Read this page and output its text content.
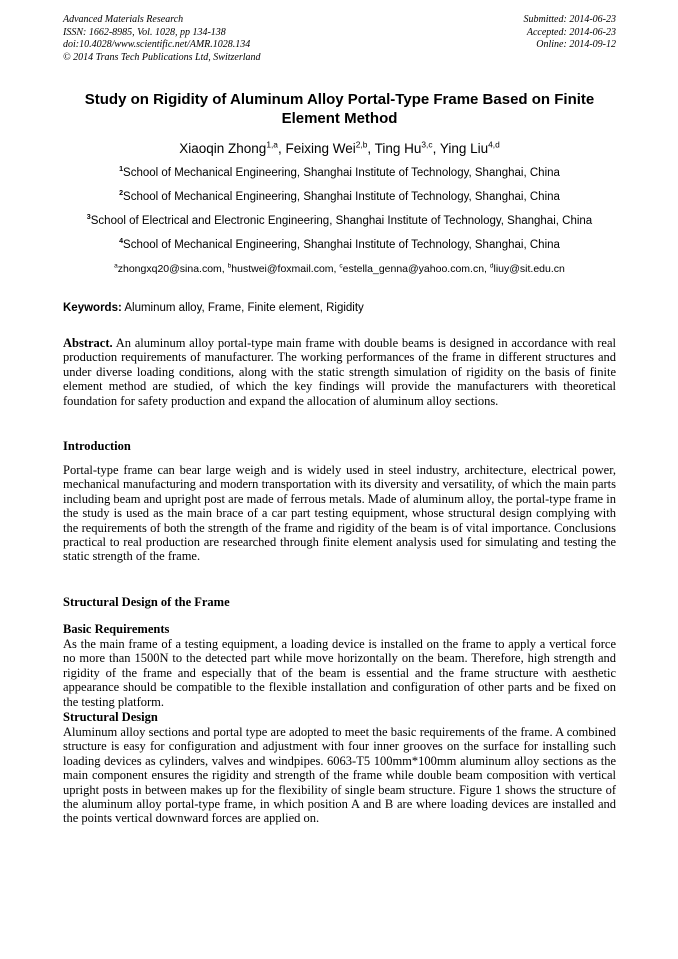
Advanced Materials Research
ISSN: 1662-8985, Vol. 1028, pp 134-138
doi:10.4028/www.scientific.net/AMR.1028.134
© 2014 Trans Tech Publications Ltd, Switzerland
Submitted: 2014-06-23
Accepted: 2014-06-23
Online: 2014-09-12
Study on Rigidity of Aluminum Alloy Portal-Type Frame Based on Finite Element Method
Xiaoqin Zhong$^{1,a}$, Feixing Wei$^{2,b}$, Ting Hu$^{3,c}$, Ying Liu$^{4,d}$
$^1$School of Mechanical Engineering, Shanghai Institute of Technology, Shanghai, China
$^2$School of Mechanical Engineering, Shanghai Institute of Technology, Shanghai, China
$^3$School of Electrical and Electronic Engineering, Shanghai Institute of Technology, Shanghai, China
$^4$School of Mechanical Engineering, Shanghai Institute of Technology, Shanghai, China
$^a$zhongxq20@sina.com, $^b$hustwei@foxmail.com, $^c$estella_genna@yahoo.com.cn, $^d$liuy@sit.edu.cn
Keywords: Aluminum alloy, Frame, Finite element, Rigidity

Abstract. An aluminum alloy portal-type main frame with double beams is designed in accordance with real production requirements of manufacturer. The working performances of the frame in different structures and under diverse loading conditions, along with the static strength simulation of rigidity on the basis of finite element method are studied, of which the key findings will provide the manufacturers with theoretical foundation for safety production and expand the allocation of aluminum alloy sections.

Introduction

Portal-type frame can bear large weigh and is widely used in steel industry, architecture, electrical power, mechanical manufacturing and modern transportation with its diversity and versatility, of which the main parts including beam and upright post are made of ferrous metals. Made of aluminum alloy, the portal-type frame in the study is used as the main brace of a car part testing equipment, whose structural design complying with the requirements of both the strength of the frame and rigidity of the beam is of vital importance. Conclusions practical to real production are researched through finite element analysis used for simulating and testing the static strength of the frame.

Structural Design of the Frame
Basic Requirements

As the main frame of a testing equipment, a loading device is installed on the frame to apply a vertical force no more than 1500N to the detected part while move horizontally on the beam. Therefore, high strength and rigidity of the frame and especially that of the beam is essential and the frame structure with aesthetic appearance should be compatible to the flexible installation and configuration of other parts and be fixed on the testing platform.

Structural Design

Aluminum alloy sections and portal type are adopted to meet the basic requirements of the frame. A combined structure is easy for configuration and adjustment with four inner grooves on the surface for installing such loading devices as cylinders, valves and windpipes. 6063-T5 100mm*100mm aluminum alloy sections as the main component ensures the rigidity and strength of the frame while double beam composition with vertical upright posts in between makes up for the flexibility of single beam structure. Figure 1 shows the structure of the aluminum alloy portal-type frame, in which position A and B are where loading devices are installed and the points vertical downward forces are applied on.
